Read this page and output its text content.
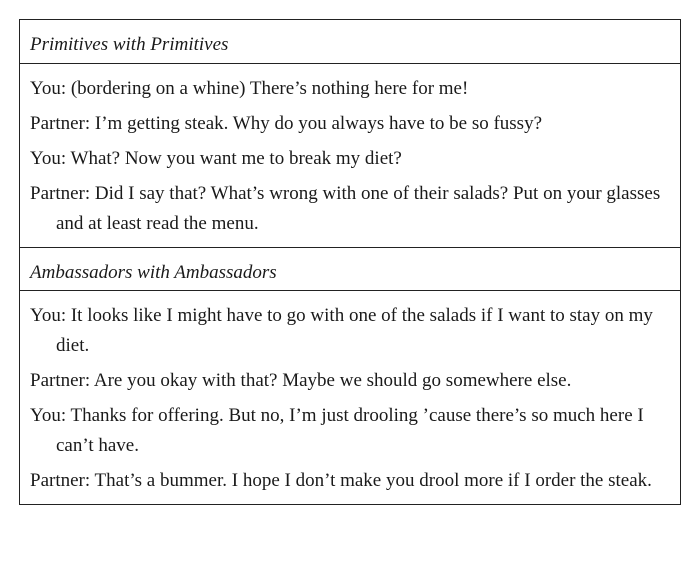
Primitives with Primitives

You: (bordering on a whine) There’s nothing here for me!

Partner: I’m getting steak. Why do you always have to be so fussy?

You: What? Now you want me to break my diet?

Partner: Did I say that? What’s wrong with one of their salads? Put on your glasses and at least read the menu.

Ambassadors with Ambassadors

You: It looks like I might have to go with one of the salads if I want to stay on my diet.

Partner: Are you okay with that? Maybe we should go somewhere else.

You: Thanks for offering. But no, I’m just drooling ’cause there’s so much here I can’t have.

Partner: That’s a bummer. I hope I don’t make you drool more if I order the steak.
